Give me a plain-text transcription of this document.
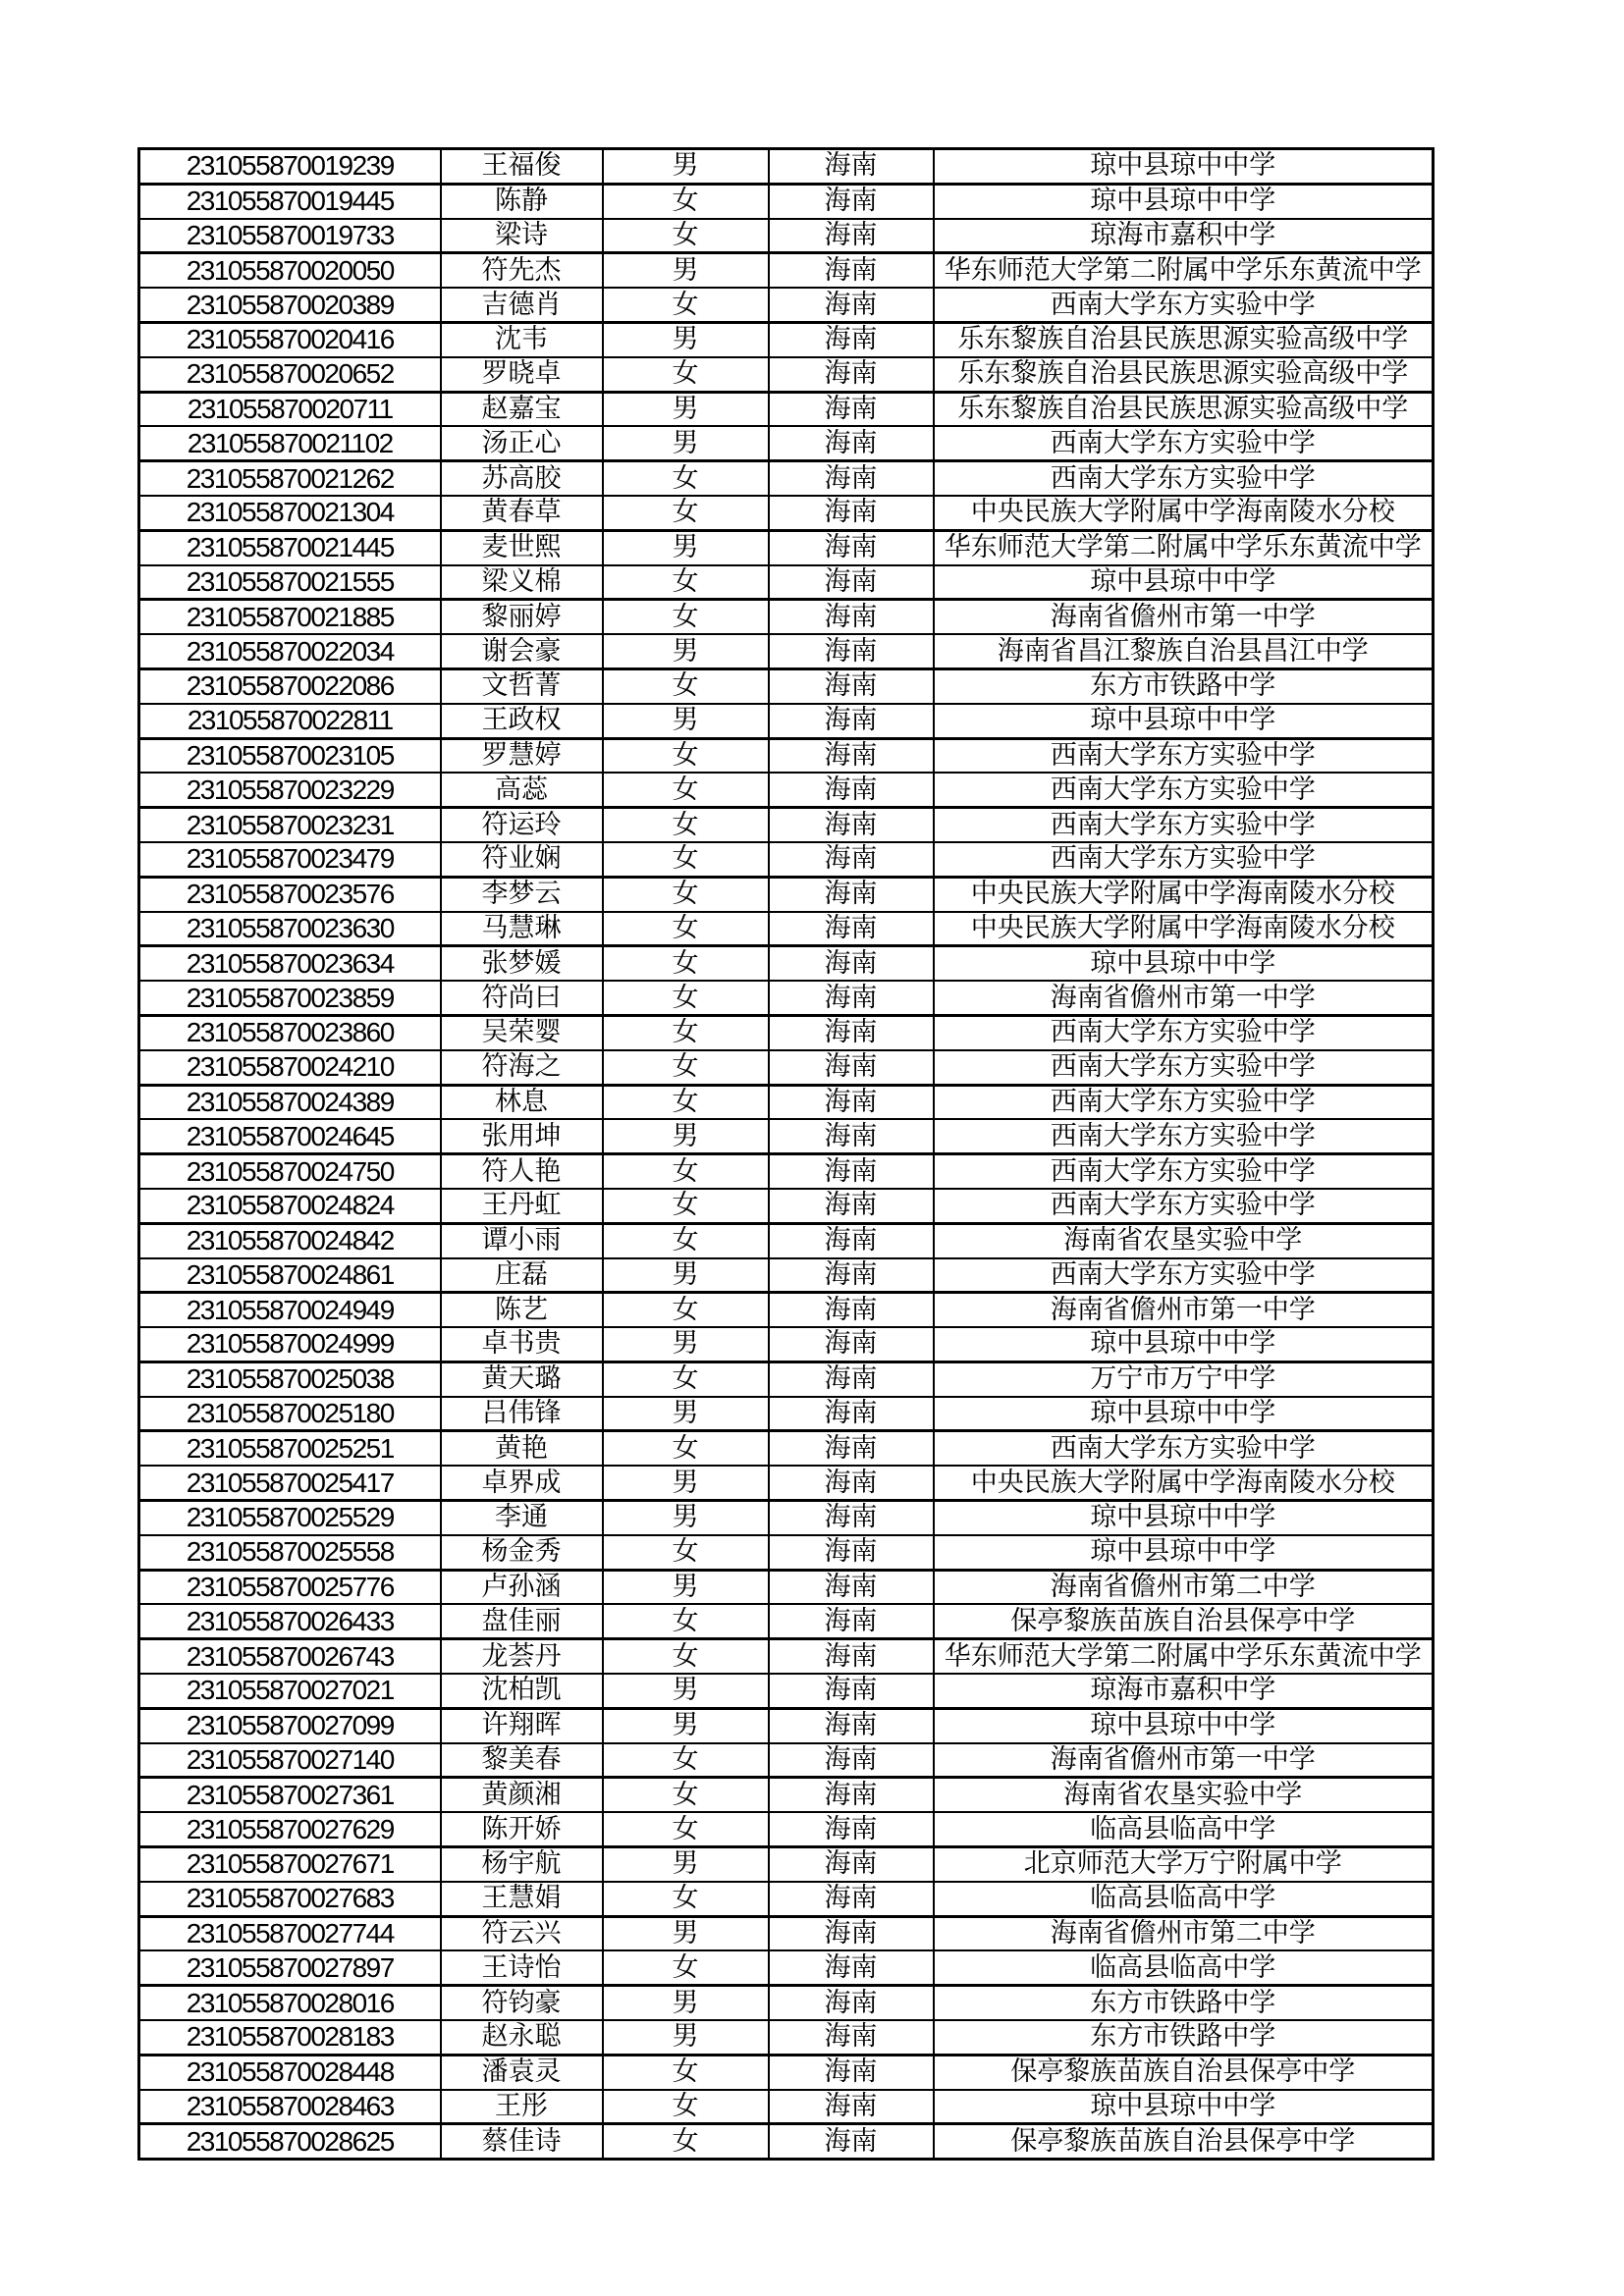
231055870019239	王福俊	男	海南	琼中县琼中中学
231055870019445	陈静	女	海南	琼中县琼中中学
231055870019733	梁诗	女	海南	琼海市嘉积中学
231055870020050	符先杰	男	海南	华东师范大学第二附属中学乐东黄流中学
231055870020389	吉德肖	女	海南	西南大学东方实验中学
231055870020416	沈韦	男	海南	乐东黎族自治县民族思源实验高级中学
231055870020652	罗晓卓	女	海南	乐东黎族自治县民族思源实验高级中学
231055870020711	赵嘉宝	男	海南	乐东黎族自治县民族思源实验高级中学
231055870021102	汤正心	男	海南	西南大学东方实验中学
231055870021262	苏高胶	女	海南	西南大学东方实验中学
231055870021304	黄春草	女	海南	中央民族大学附属中学海南陵水分校
231055870021445	麦世熙	男	海南	华东师范大学第二附属中学乐东黄流中学
231055870021555	梁义棉	女	海南	琼中县琼中中学
231055870021885	黎丽婷	女	海南	海南省儋州市第一中学
231055870022034	谢会豪	男	海南	海南省昌江黎族自治县昌江中学
231055870022086	文哲菁	女	海南	东方市铁路中学
231055870022811	王政权	男	海南	琼中县琼中中学
231055870023105	罗慧婷	女	海南	西南大学东方实验中学
231055870023229	高蕊	女	海南	西南大学东方实验中学
231055870023231	符运玲	女	海南	西南大学东方实验中学
231055870023479	符业娴	女	海南	西南大学东方实验中学
231055870023576	李梦云	女	海南	中央民族大学附属中学海南陵水分校
231055870023630	马慧琳	女	海南	中央民族大学附属中学海南陵水分校
231055870023634	张梦媛	女	海南	琼中县琼中中学
231055870023859	符尚曰	女	海南	海南省儋州市第一中学
231055870023860	吴荣婴	女	海南	西南大学东方实验中学
231055870024210	符海之	女	海南	西南大学东方实验中学
231055870024389	林息	女	海南	西南大学东方实验中学
231055870024645	张用坤	男	海南	西南大学东方实验中学
231055870024750	符人艳	女	海南	西南大学东方实验中学
231055870024824	王丹虹	女	海南	西南大学东方实验中学
231055870024842	谭小雨	女	海南	海南省农垦实验中学
231055870024861	庄磊	男	海南	西南大学东方实验中学
231055870024949	陈艺	女	海南	海南省儋州市第一中学
231055870024999	卓书贵	男	海南	琼中县琼中中学
231055870025038	黄天璐	女	海南	万宁市万宁中学
231055870025180	吕伟锋	男	海南	琼中县琼中中学
231055870025251	黄艳	女	海南	西南大学东方实验中学
231055870025417	卓界成	男	海南	中央民族大学附属中学海南陵水分校
231055870025529	李通	男	海南	琼中县琼中中学
231055870025558	杨金秀	女	海南	琼中县琼中中学
231055870025776	卢孙涵	男	海南	海南省儋州市第二中学
231055870026433	盘佳丽	女	海南	保亭黎族苗族自治县保亭中学
231055870026743	龙荟丹	女	海南	华东师范大学第二附属中学乐东黄流中学
231055870027021	沈柏凯	男	海南	琼海市嘉积中学
231055870027099	许翔晖	男	海南	琼中县琼中中学
231055870027140	黎美春	女	海南	海南省儋州市第一中学
231055870027361	黄颜湘	女	海南	海南省农垦实验中学
231055870027629	陈开娇	女	海南	临高县临高中学
231055870027671	杨宇航	男	海南	北京师范大学万宁附属中学
231055870027683	王慧娟	女	海南	临高县临高中学
231055870027744	符云兴	男	海南	海南省儋州市第二中学
231055870027897	王诗怡	女	海南	临高县临高中学
231055870028016	符钧豪	男	海南	东方市铁路中学
231055870028183	赵永聪	男	海南	东方市铁路中学
231055870028448	潘袁灵	女	海南	保亭黎族苗族自治县保亭中学
231055870028463	王彤	女	海南	琼中县琼中中学
231055870028625	蔡佳诗	女	海南	保亭黎族苗族自治县保亭中学
